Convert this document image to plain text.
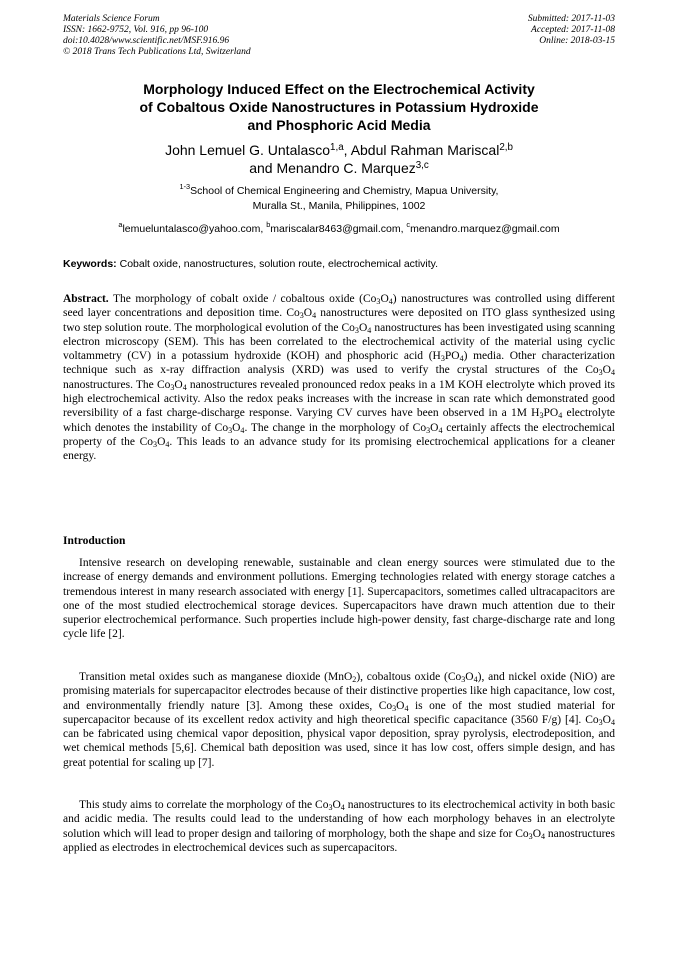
Materials Science Forum
ISSN: 1662-9752, Vol. 916, pp 96-100
doi:10.4028/www.scientific.net/MSF.916.96
© 2018 Trans Tech Publications Ltd, Switzerland
Submitted: 2017-11-03
Accepted: 2017-11-08
Online: 2018-03-15
Morphology Induced Effect on the Electrochemical Activity
of Cobaltous Oxide Nanostructures in Potassium Hydroxide
and Phosphoric Acid Media
John Lemuel G. Untalasco$^{1,a}$, Abdul Rahman Mariscal$^{2,b}$
and Menandro C. Marquez$^{3,c}$
$^{1-3}$School of Chemical Engineering and Chemistry, Mapua University,
Muralla St., Manila, Philippines, 1002
$^a$lemueluntalasco@yahoo.com, $^b$mariscalar8463@gmail.com, $^c$menandro.marquez@gmail.com
Keywords: Cobalt oxide, nanostructures, solution route, electrochemical activity.
Abstract. The morphology of cobalt oxide / cobaltous oxide $(Co_3O_4)$ nanostructures was controlled using different seed layer concentrations and deposition time. $Co_3O_4$ nanostructures were deposited on ITO glass synthesized using two step solution route. The morphological evolution of the $Co_3O_4$ nanostructures has been investigated using scanning electron microscopy (SEM). This has been correlated to the electrochemical activity of the material using cyclic voltammetry (CV) in a potassium hydroxide (KOH) and phosphoric acid $(H_3PO_4)$ media. Other characterization technique such as x-ray diffraction analysis (XRD) was used to verify the crystal structures of the $Co_3O_4$ nanostructures. The $Co_3O_4$ nanostructures revealed pronounced redox peaks in a 1M KOH electrolyte which proved its high electrochemical activity. Also the redox peaks increases with the increase in scan rate which demonstrated good reversibility of a fast charge-discharge response. Varying CV curves have been observed in a 1M $H_3PO_4$ electrolyte which denotes the instability of $Co_3O_4$. The change in the morphology of $Co_3O_4$ certainly affects the electrochemical property of the $Co_3O_4$. This leads to an advance study for its promising electrochemical applications for a cleaner energy.
Introduction
Intensive research on developing renewable, sustainable and clean energy sources were stimulated due to the increase of energy demands and environment pollutions. Emerging technologies related with energy storage catches a tremendous interest in many research associated with energy [1]. Supercapacitors, sometimes called ultracapacitors are one of the most studied electrochemical storage devices. Supercapacitors have drawn much attention due to their superior electrochemical performance. Such properties include high-power density, fast charge-discharge rate and long cycle life [2].
Transition metal oxides such as manganese dioxide (MnO$_2$), cobaltous oxide $(Co_3O_4)$, and nickel oxide (NiO) are promising materials for supercapacitor electrodes because of their distinctive properties like high capacitance, low cost, and environmentally friendly nature [3]. Among these oxides, $Co_3O_4$ is one of the most studied material for supercapacitor because of its excellent redox activity and high theoretical specific capacitance (3560 F/g) [4]. $Co_3O_4$ can be fabricated using chemical vapor deposition, physical vapor deposition, spray pyrolysis, electrodeposition, and wet chemical methods [5,6]. Chemical bath deposition was used, since it has low cost, offers simple design, and has great potential for scaling up [7].
This study aims to correlate the morphology of the $Co_3O_4$ nanostructures to its electrochemical activity in both basic and acidic media. The results could lead to the understanding of how each morphology behaves in an electrolyte solution which will lead to proper design and tailoring of morphology, both the shape and size for $Co_3O_4$ nanostructures applied as electrodes in electrochemical devices such as supercapacitors.
